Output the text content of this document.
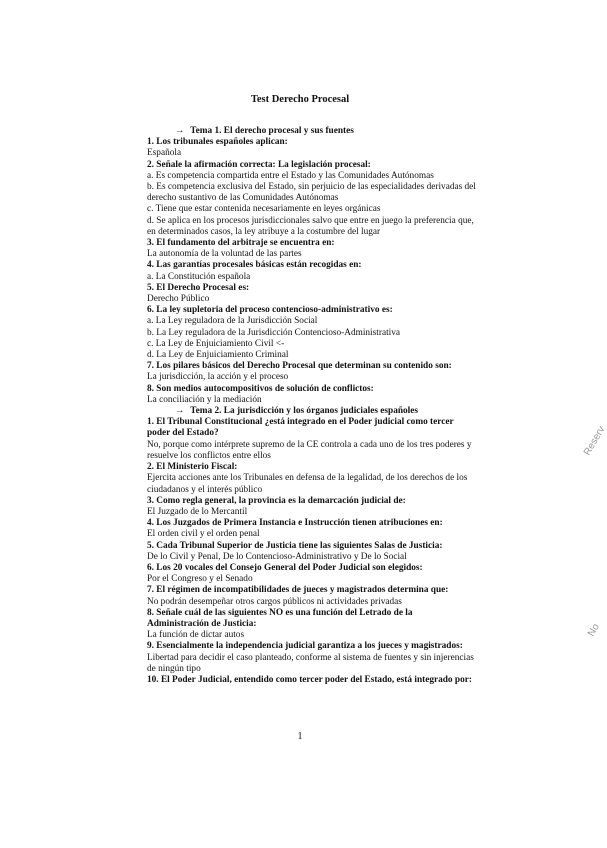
Test Derecho Procesal
→ Tema 1. El derecho procesal y sus fuentes
1. Los tribunales españoles aplican:
Española
2. Señale la afirmación correcta: La legislación procesal:
a. Es competencia compartida entre el Estado y las Comunidades Autónomas
b. Es competencia exclusiva del Estado, sin perjuicio de las especialidades derivadas del
derecho sustantivo de las Comunidades Autónomas
c. Tiene que estar contenida necesariamente en leyes orgánicas
d. Se aplica en los procesos jurisdiccionales salvo que entre en juego la preferencia que,
en determinados casos, la ley atribuye a la costumbre del lugar
3. El fundamento del arbitraje se encuentra en:
La autonomía de la voluntad de las partes
4. Las garantías procesales básicas están recogidas en:
a. La Constitución española
5. El Derecho Procesal es:
Derecho Público
6. La ley supletoria del proceso contencioso-administrativo es:
a. La Ley reguladora de la Jurisdicción Social
b. La Ley reguladora de la Jurisdicción Contencioso-Administrativa
c. La Ley de Enjuiciamiento Civil <-
d. La Ley de Enjuiciamiento Criminal
7. Los pilares básicos del Derecho Procesal que determinan su contenido son:
La jurisdicción, la acción y el proceso
8. Son medios autocompositivos de solución de conflictos:
La conciliación y la mediación
→ Tema 2. La jurisdicción y los órganos judiciales españoles
1. El Tribunal Constitucional ¿está integrado en el Poder judicial como tercer
poder del Estado?
No, porque como intérprete supremo de la CE controla a cada uno de los tres poderes y
resuelve los conflictos entre ellos
2. El Ministerio Fiscal:
Ejercita acciones ante los Tribunales en defensa de la legalidad, de los derechos de los
ciudadanos y el interés público
3. Como regla general, la provincia es la demarcación judicial de:
El Juzgado de lo Mercantil
4. Los Juzgados de Primera Instancia e Instrucción tienen atribuciones en:
El orden civil y el orden penal
5. Cada Tribunal Superior de Justicia tiene las siguientes Salas de Justicia:
De lo Civil y Penal, De lo Contencioso-Administrativo y De lo Social
6. Los 20 vocales del Consejo General del Poder Judicial son elegidos:
Por el Congreso y el Senado
7. El régimen de incompatibilidades de jueces y magistrados determina que:
No podrán desempeñar otros cargos públicos ni actividades privadas
8. Señale cuál de las siguientes NO es una función del Letrado de la
Administración de Justicia:
La función de dictar autos
9. Esencialmente la independencia judicial garantiza a los jueces y magistrados:
Libertad para decidir el caso planteado, conforme al sistema de fuentes y sin injerencias
de ningún tipo
10. El Poder Judicial, entendido como tercer poder del Estado, está integrado por:
1
Reserv
No
